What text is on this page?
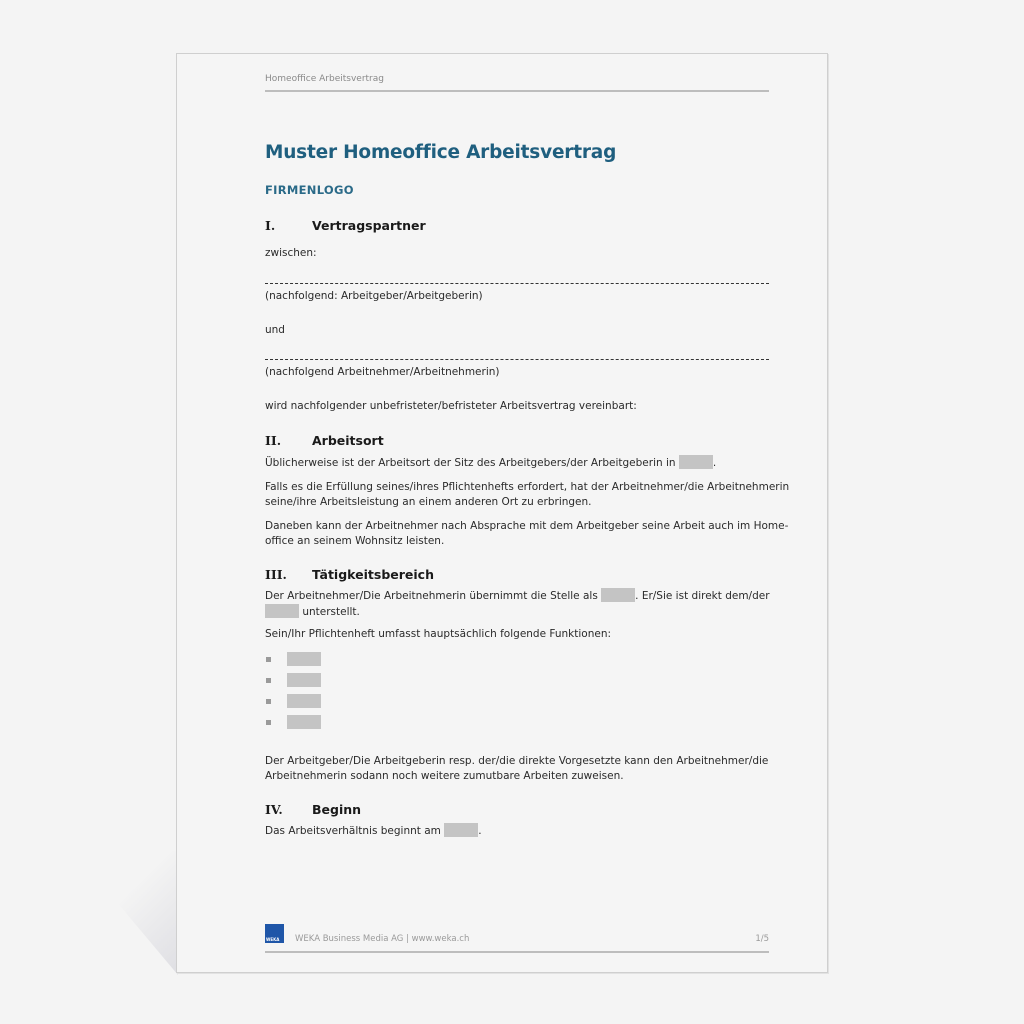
Homeoffice Arbeitsvertrag
Muster Homeoffice Arbeitsvertrag
FIRMENLOGO
I.	Vertragspartner
zwischen:
(nachfolgend: Arbeitgeber/Arbeitgeberin)
und
(nachfolgend Arbeitnehmer/Arbeitnehmerin)
wird nachfolgender unbefristeter/befristeter Arbeitsvertrag vereinbart:
II. Arbeitsort
Üblicherweise ist der Arbeitsort der Sitz des Arbeitgebers/der Arbeitgeberin in	.
Falls es die Erfüllung seines/ihres Pflichtenhefts erfordert, hat der Arbeitnehmer/die Arbeitnehmerin
seine/ihre Arbeitsleistung an einem anderen Ort zu erbringen.
Daneben kann der Arbeitnehmer nach Absprache mit dem Arbeitgeber seine Arbeit auch im Home-
office an seinem Wohnsitz leisten.
III. Tätigkeitsbereich
Der Arbeitnehmer/Die Arbeitnehmerin übernimmt die Stelle als	. Er/Sie ist direkt dem/der
unterstellt.
Sein/Ihr Pflichtenheft umfasst hauptsächlich folgende Funktionen:
Der Arbeitgeber/Die Arbeitgeberin resp. der/die direkte Vorgesetzte kann den Arbeitnehmer/die
Arbeitnehmerin sodann noch weitere zumutbare Arbeiten zuweisen.
IV. Beginn
Das Arbeitsverhältnis beginnt am	.
WEKA WEKA Business Media AG | www.weka.ch	1/5
